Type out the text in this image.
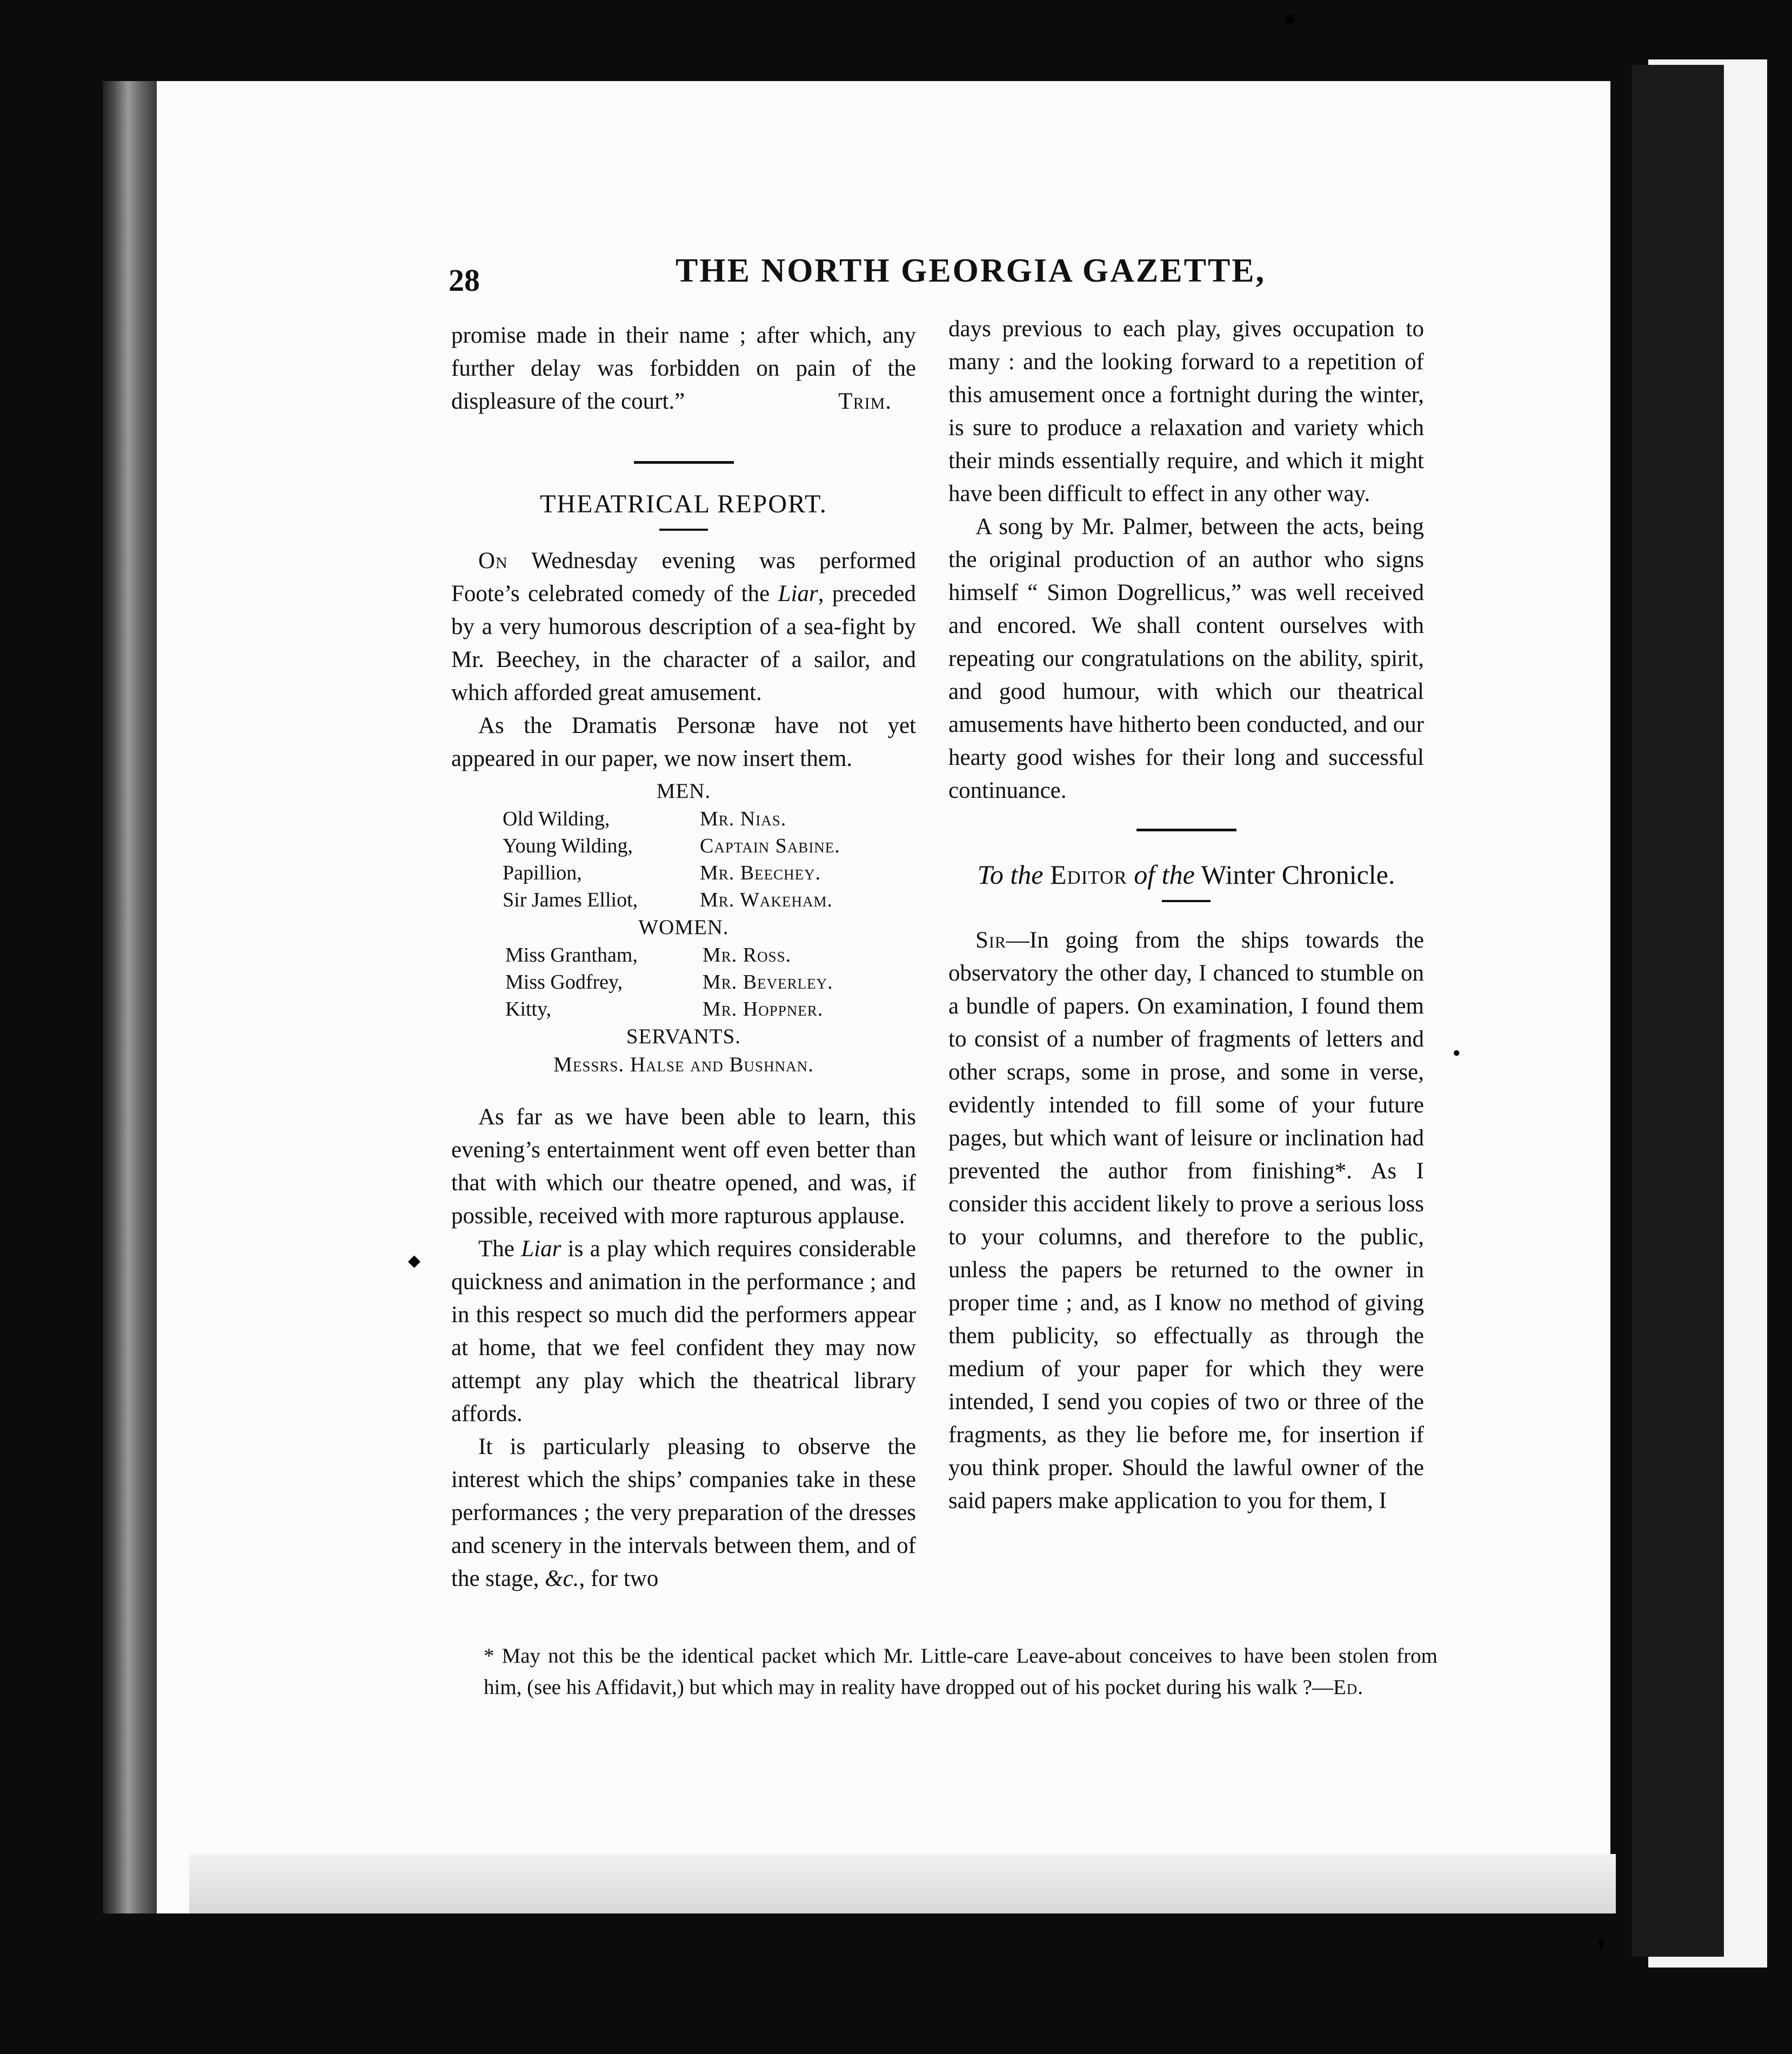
●
❜
◆
●
28	THE NORTH GEORGIA GAZETTE,

promise made in their name ; after which, any further delay was forbidden on pain of the displeasure of the court.”	Trim.

THEATRICAL REPORT.

On Wednesday evening was performed Foote’s celebrated comedy of the Liar, preceded by a very humorous description of a sea-fight by Mr. Beechey, in the character of a sailor, and which afforded great amusement.

As the Dramatis Personæ have not yet appeared in our paper, we now insert them.

MEN.
Old Wilding,	Mr. Nias.
Young Wilding,	Captain Sabine.
Papillion,	Mr. Beechey.
Sir James Elliot,	Mr. Wakeham.
WOMEN.
Miss Grantham,	Mr. Ross.
Miss Godfrey,	Mr. Beverley.
Kitty,	Mr. Hoppner.
SERVANTS.
Messrs. Halse and Bushnan.

As far as we have been able to learn, this evening’s entertainment went off even better than that with which our theatre opened, and was, if possible, received with more rapturous applause.

The Liar is a play which requires considerable quickness and animation in the performance ; and in this respect so much did the performers appear at home, that we feel confident they may now attempt any play which the theatrical library affords.

It is particularly pleasing to observe the interest which the ships’ companies take in these performances ; the very preparation of the dresses and scenery in the intervals between them, and of the stage, &c., for two

days previous to each play, gives occupation to many : and the looking forward to a repetition of this amusement once a fortnight during the winter, is sure to produce a relaxation and variety which their minds essentially require, and which it might have been difficult to effect in any other way.

A song by Mr. Palmer, between the acts, being the original production of an author who signs himself “ Simon Dogrellicus,” was well received and encored. We shall content ourselves with repeating our congratulations on the ability, spirit, and good humour, with which our theatrical amusements have hitherto been conducted, and our hearty good wishes for their long and successful continuance.

To the Editor of the Winter Chronicle.

Sir—In going from the ships towards the observatory the other day, I chanced to stumble on a bundle of papers. On examination, I found them to consist of a number of fragments of letters and other scraps, some in prose, and some in verse, evidently intended to fill some of your future pages, but which want of leisure or inclination had prevented the author from finishing*. As I consider this accident likely to prove a serious loss to your columns, and therefore to the public, unless the papers be returned to the owner in proper time ; and, as I know no method of giving them publicity, so effectually as through the medium of your paper for which they were intended, I send you copies of two or three of the fragments, as they lie before me, for insertion if you think proper. Should the lawful owner of the said papers make application to you for them, I

* May not this be the identical packet which Mr. Little-care Leave-about conceives to have been stolen from him, (see his Affidavit,) but which may in reality have dropped out of his pocket during his walk ?—Ed.
